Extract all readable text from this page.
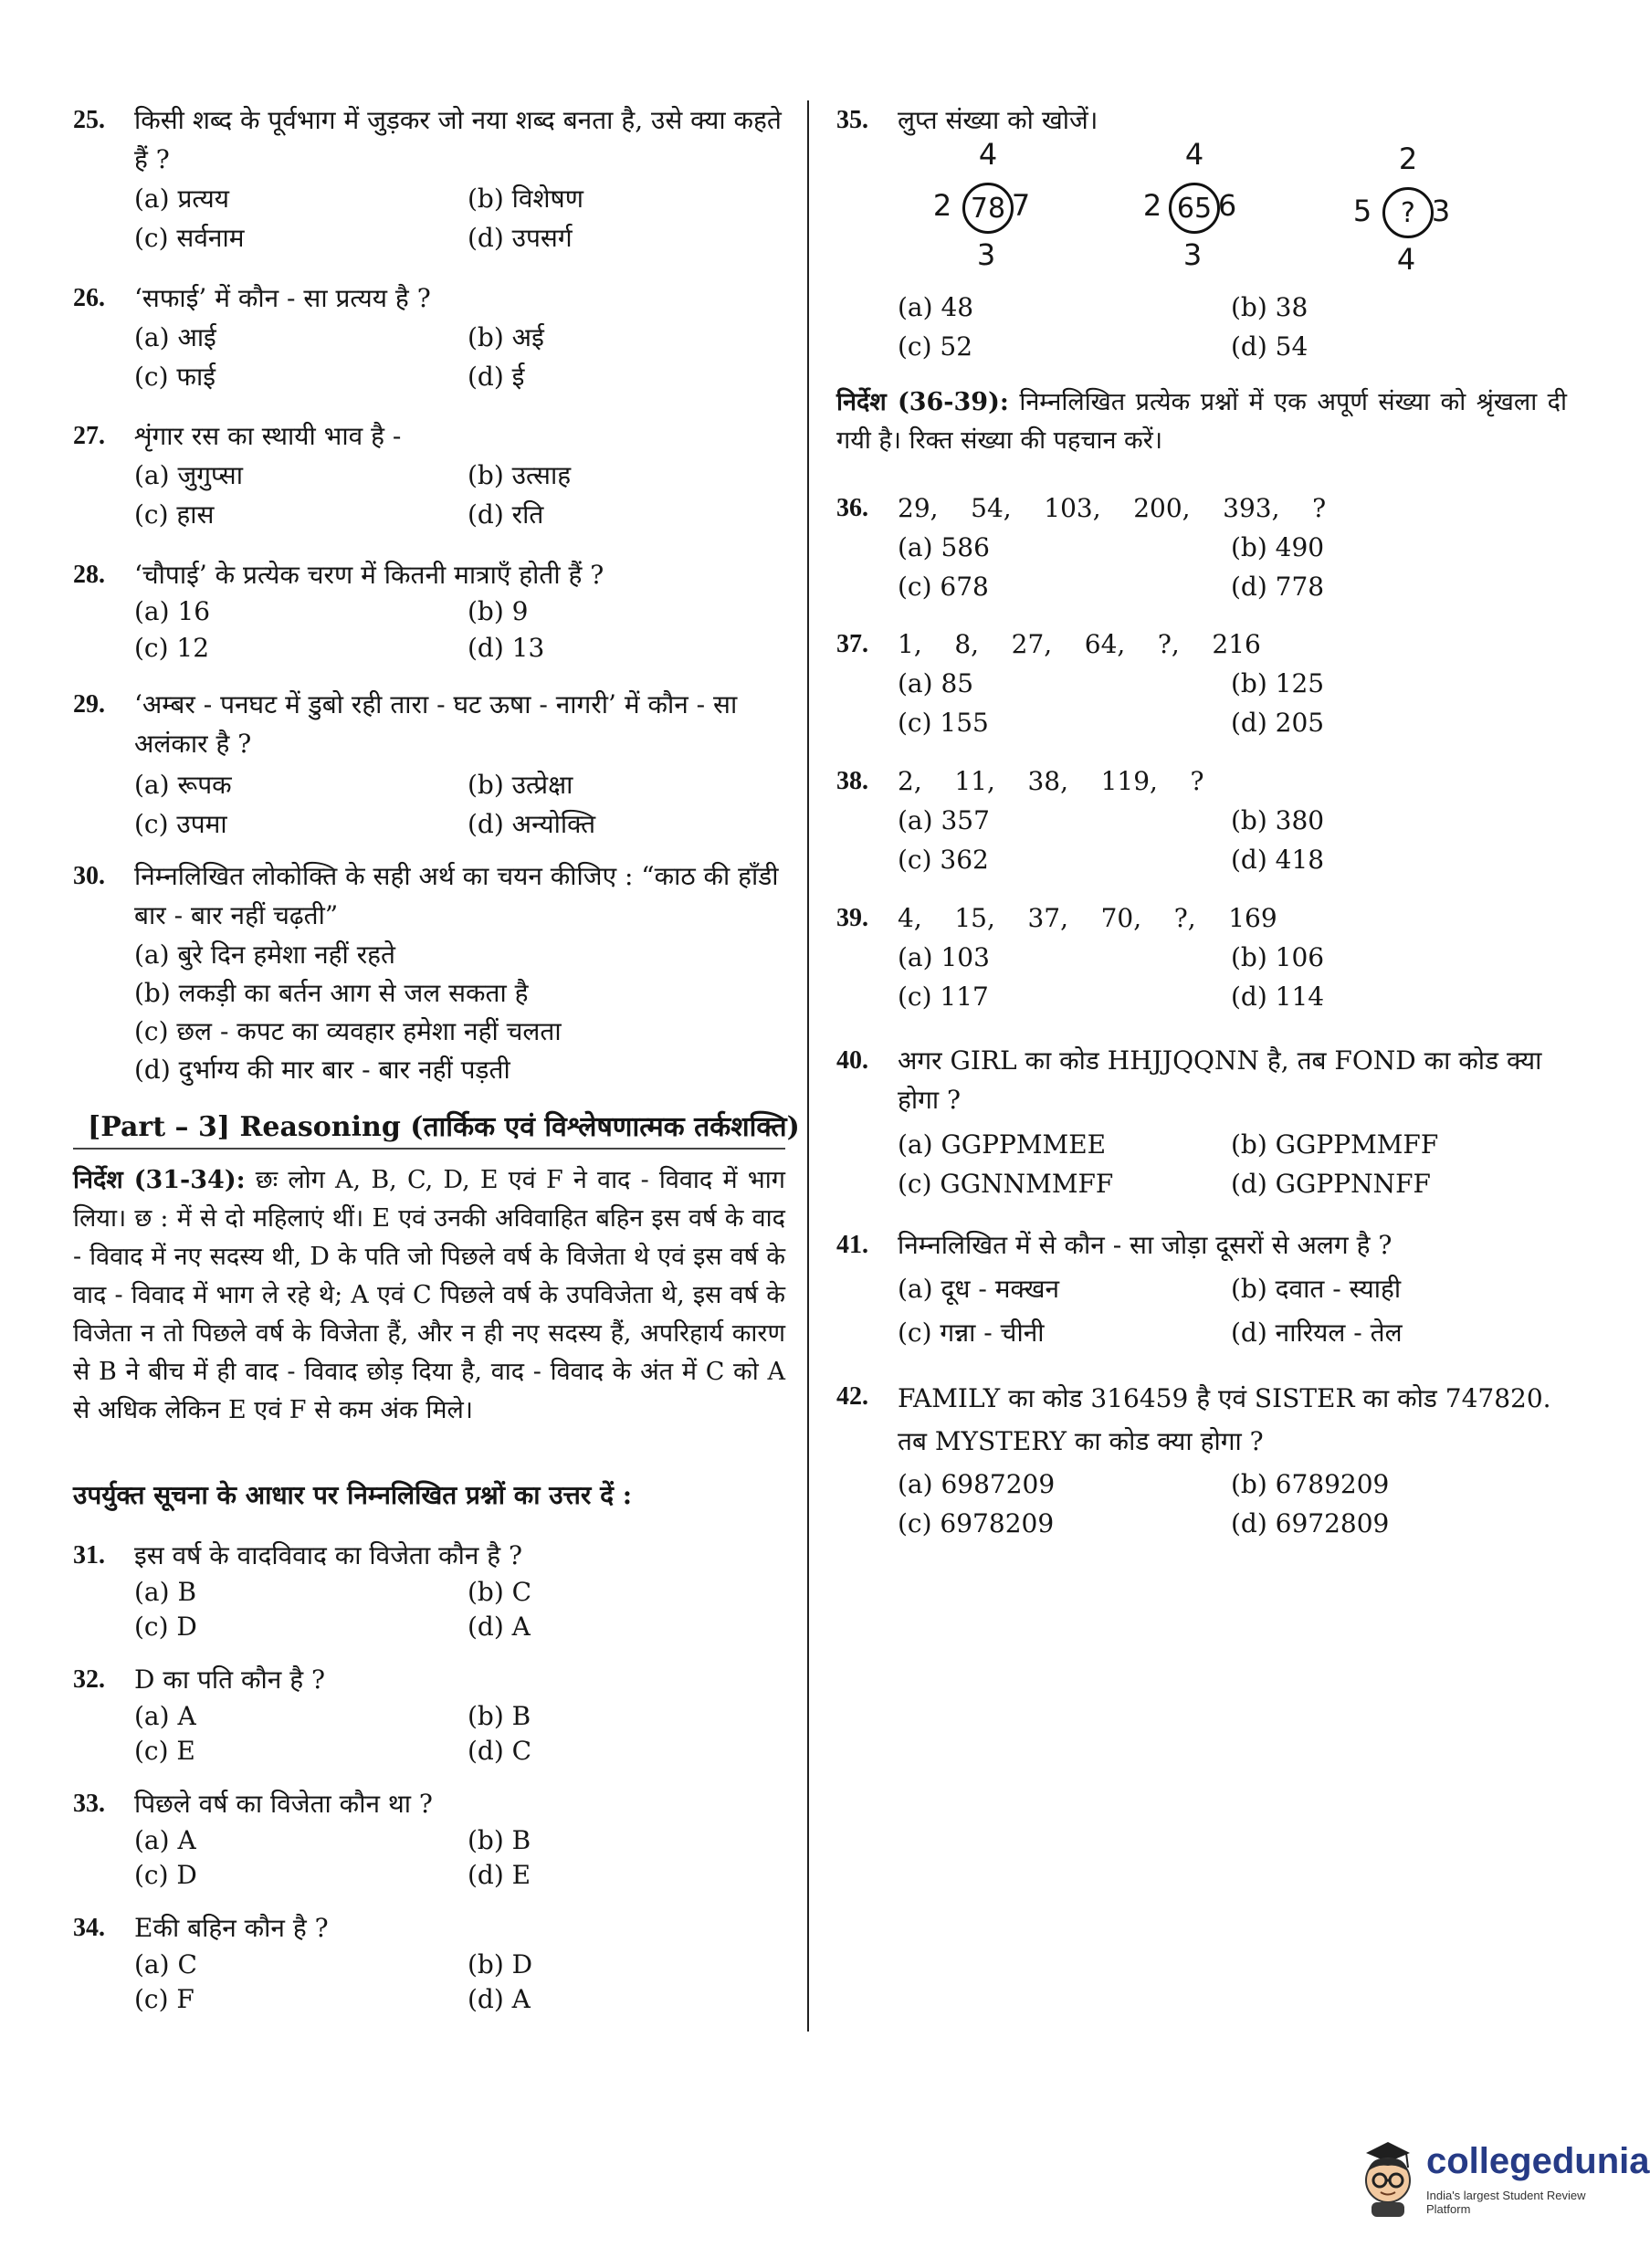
25. किसी शब्द के पूर्वभाग में जुड़कर जो नया शब्द बनता है, उसे क्या कहते हैं ?
(a) प्रत्यय	(b) विशेषण
(c) सर्वनाम	(d) उपसर्ग
26. ‘सफाई’ में कौन - सा प्रत्यय है ?
(a) आई	(b) अई
(c) फाई	(d) ई
27. शृंगार रस का स्थायी भाव है -
(a) जुगुप्सा	(b) उत्साह
(c) हास	(d) रति
28. ‘चौपाई’ के प्रत्येक चरण में कितनी मात्राएँ होती हैं ?
(a) 16	(b) 9
(c) 12	(d) 13
29. ‘अम्बर - पनघट में डुबो रही तारा - घट ऊषा - नागरी’ में कौन - सा अलंकार है ?
(a) रूपक	(b) उत्प्रेक्षा
(c) उपमा	(d) अन्योक्ति
30. निम्नलिखित लोकोक्ति के सही अर्थ का चयन कीजिए : “काठ की हाँडी बार - बार नहीं चढ़ती”
(a) बुरे दिन हमेशा नहीं रहते
(b) लकड़ी का बर्तन आग से जल सकता है
(c) छल - कपट का व्यवहार हमेशा नहीं चलता
(d) दुर्भाग्य की मार बार - बार नहीं पड़ती
[Part – 3] Reasoning (तार्किक एवं विश्लेषणात्मक तर्कशक्ति)
निर्देश (31-34): छः लोग A, B, C, D, E एवं F ने वाद - विवाद में भाग लिया। छ : में से दो महिलाएं थीं। E एवं उनकी अविवाहित बहिन इस वर्ष के वाद - विवाद में नए सदस्य थी, D के पति जो पिछले वर्ष के विजेता थे एवं इस वर्ष के वाद - विवाद में भाग ले रहे थे; A एवं C पिछले वर्ष के उपविजेता थे, इस वर्ष के विजेता न तो पिछले वर्ष के विजेता हैं, और न ही नए सदस्य हैं, अपरिहार्य कारण से B ने बीच में ही वाद - विवाद छोड़ दिया है, वाद - विवाद के अंत में C को A से अधिक लेकिन E एवं F से कम अंक मिले।
उपर्युक्त सूचना के आधार पर निम्नलिखित प्रश्नों का उत्तर दें :
31. इस वर्ष के वादविवाद का विजेता कौन है ?
(a) B	(b) C
(c) D	(d) A
32. D का पति कौन है ?
(a) A	(b) B
(c) E	(d) C
33. पिछले वर्ष का विजेता कौन था ?
(a) A	(b) B
(c) D	(d) E
34. Eकी बहिन कौन है ?
(a) C	(b) D
(c) F	(d) A
35. लुप्त संख्या को खोजें।
(a) 48	(b) 38
(c) 52	(d) 54
4
2 78 7
3
4
2 65 6
3
2
5	? 3
4
निर्देश (36-39): निम्नलिखित प्रत्येक प्रश्नों में एक अपूर्ण संख्या को श्रृंखला दी गयी है। रिक्त संख्या की पहचान करें।
36. 29,    54,    103,    200,    393,    ?
(a) 586	(b) 490
(c) 678	(d) 778
37. 1,    8,    27,    64,    ?,    216
(a) 85	(b) 125
(c) 155	(d) 205
38. 2,    11,    38,    119,    ?
(a) 357	(b) 380
(c) 362	(d) 418
39. 4,    15,    37,    70,    ?,    169
(a) 103	(b) 106
(c) 117	(d) 114
40. अगर GIRL का कोड HHJJQQNN है, तब FOND का कोड क्या होगा ?
(a) GGPPMMEE	(b) GGPPMMFF
(c) GGNNMMFF	(d) GGPPNNFF
41. निम्नलिखित में से कौन - सा जोड़ा दूसरों से अलग है ?
(a) दूध - मक्खन	(b) दवात - स्याही
(c) गन्ना - चीनी	(d) नारियल - तेल
42. FAMILY का कोड 316459 है एवं SISTER का कोड 747820. तब MYSTERY का कोड क्या होगा ?
(a) 6987209	(b) 6789209
(c) 6978209	(d) 6972809
collegedunia
India's largest Student Review Platform
